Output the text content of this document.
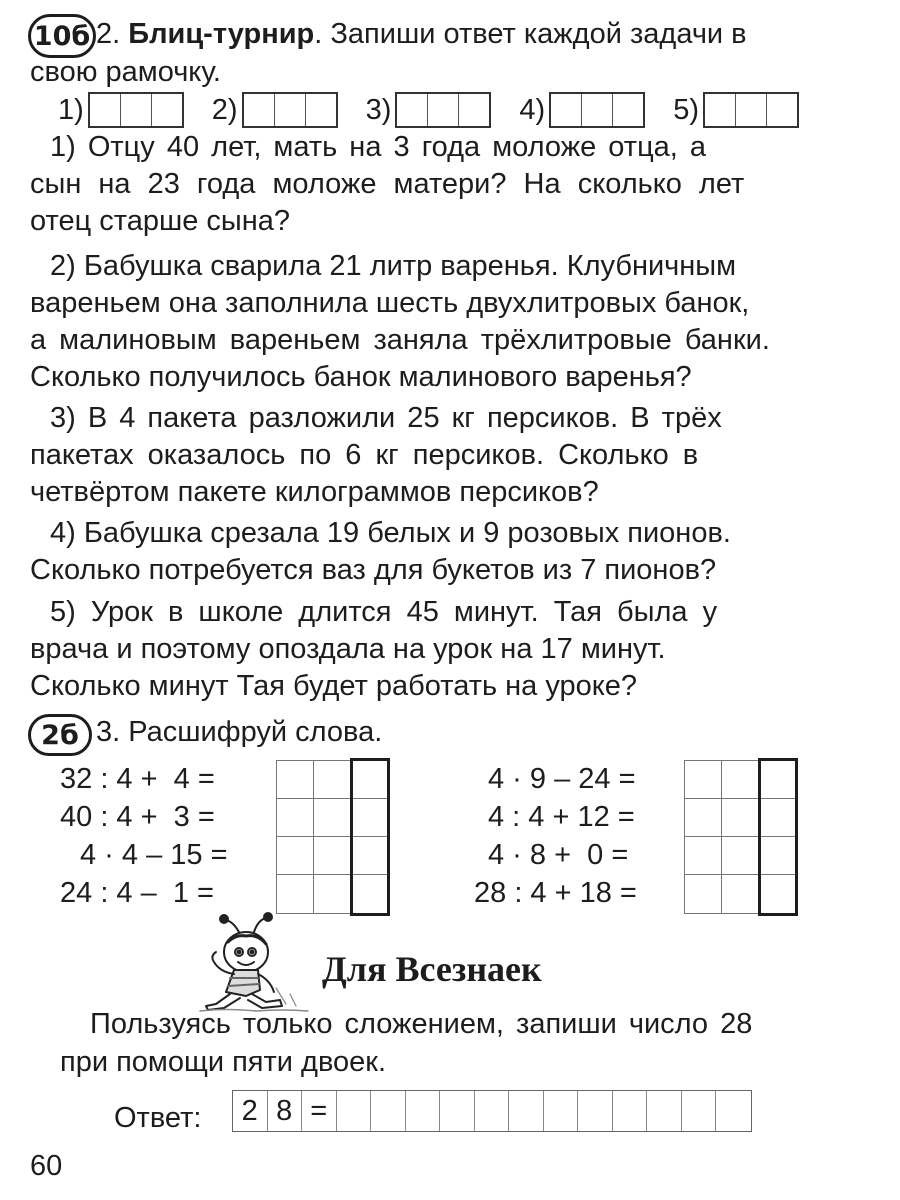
10б 2. Блиц-турнир. Запиши ответ каждой задачи в
свою рамочку.
1)	2)	3)	4)	5)
1) Отцу 40 лет, мать на 3 года моложе отца, а
сын на 23 года моложе матери? На сколько лет
отец старше сына?
2) Бабушка сварила 21 литр варенья. Клубничным
вареньем она заполнила шесть двухлитровых банок,
а малиновым вареньем заняла трёхлитровые банки.
Сколько получилось банок малинового варенья?
3) В 4 пакета разложили 25 кг персиков. В трёх
пакетах оказалось по 6 кг персиков. Сколько в
четвёртом пакете килограммов персиков?
4) Бабушка срезала 19 белых и 9 розовых пионов.
Сколько потребуется ваз для букетов из 7 пионов?
5) Урок в школе длится 45 минут. Тая была у
врача и поэтому опоздала на урок на 17 минут.
Сколько минут Тая будет работать на уроке?
2б 3. Расшифруй слова.
32 : 4 +  4 =
40 : 4 +  3 =
4 · 4 – 15 =
24 : 4 –  1 =
4 · 9 – 24 =
4 : 4 + 12 =
4 · 8 +  0 =
28 : 4 + 18 =
Для Всезнаек
Пользуясь только сложением, запиши число 28
при помощи пяти двоек.
Ответ: 2 8 =
60
